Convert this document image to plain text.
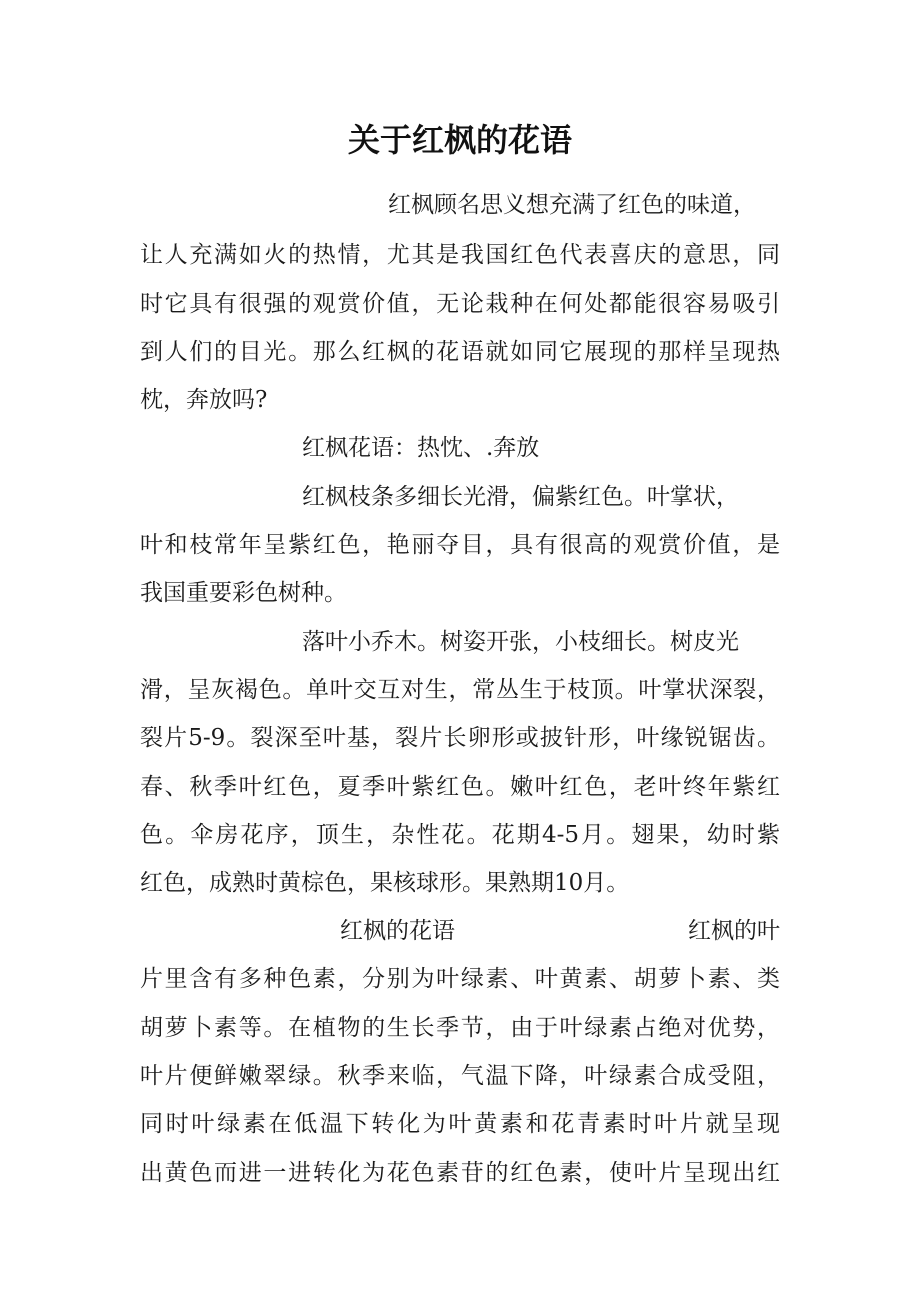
关于红枫的花语

红枫顾名思义想充满了红色的味道，

让人充满如火的热情，尤其是我国红色代表喜庆的意思，同

时它具有很强的观赏价值，无论栽种在何处都能很容易吸引

到人们的目光。那么红枫的花语就如同它展现的那样呈现热

枕，奔放吗?

红枫花语：热忱、.奔放

红枫枝条多细长光滑，偏紫红色。叶掌状，

叶和枝常年呈紫红色，艳丽夺目，具有很高的观赏价值，是

我国重要彩色树种。

落叶小乔木。树姿开张，小枝细长。树皮光

滑，呈灰褐色。单叶交互对生，常丛生于枝顶。叶掌状深裂，

裂片5-9。裂深至叶基，裂片长卵形或披针形，叶缘锐锯齿。

春、秋季叶红色，夏季叶紫红色。嫩叶红色，老叶终年紫红

色。伞房花序，顶生，杂性花。花期4-5月。翅果，幼时紫

红色，成熟时黄棕色，果核球形。果熟期10月。

红枫的花语	红枫的叶

片里含有多种色素，分别为叶绿素、叶黄素、胡萝卜素、类

胡萝卜素等。在植物的生长季节，由于叶绿素占绝对优势，

叶片便鲜嫩翠绿。秋季来临，气温下降，叶绿素合成受阻，

同时叶绿素在低温下转化为叶黄素和花青素时叶片就呈现

出黄色而进一进转化为花色素苷的红色素，使叶片呈现出红
